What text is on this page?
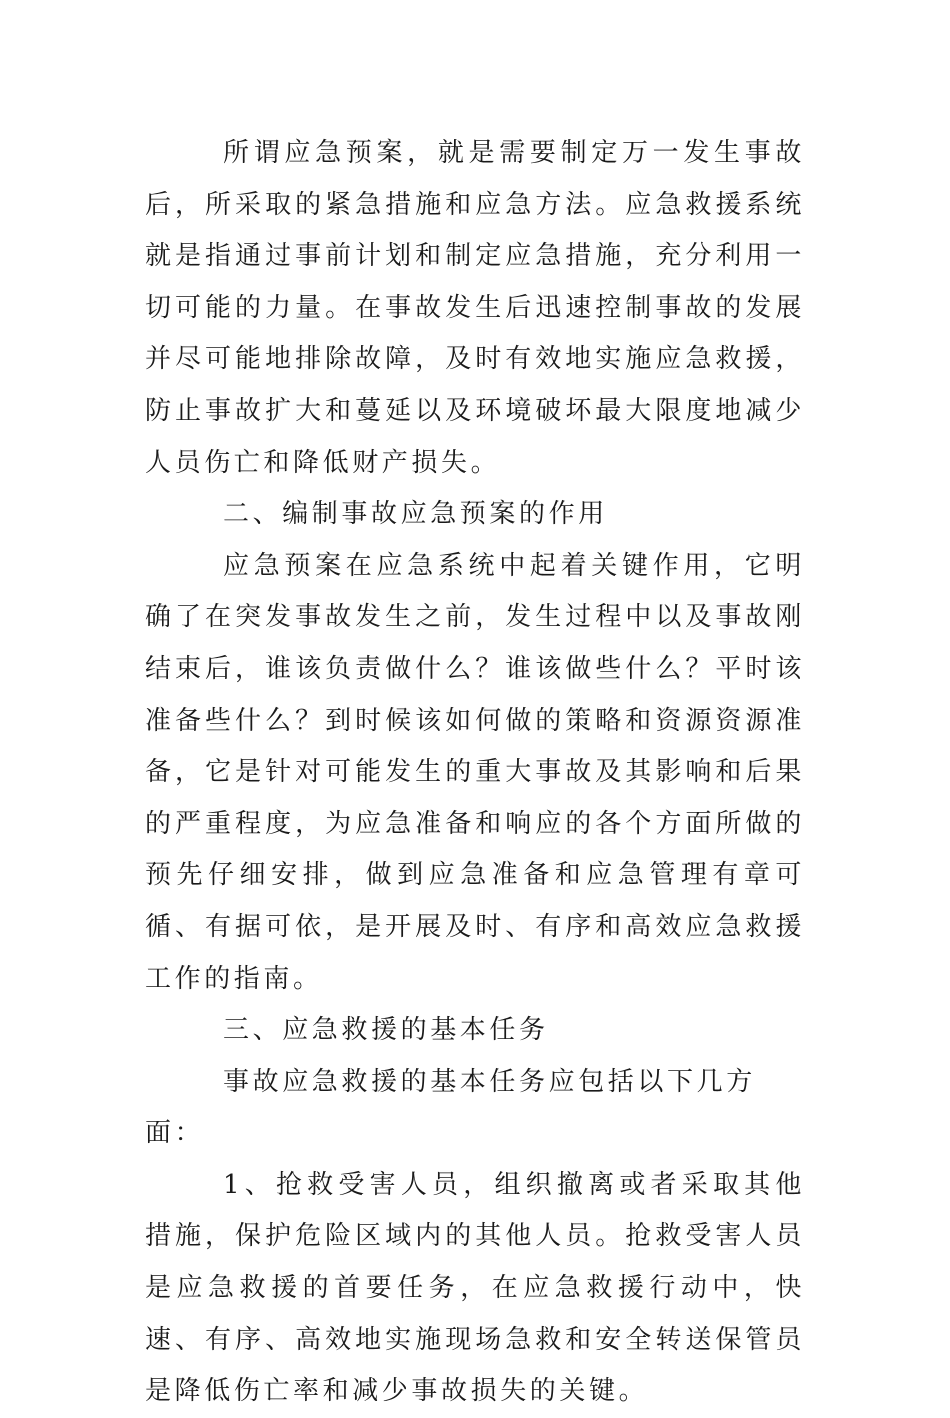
所谓应急预案，就是需要制定万一发生事故后，所采取的紧急措施和应急方法。应急救援系统就是指通过事前计划和制定应急措施，充分利用一切可能的力量。在事故发生后迅速控制事故的发展并尽可能地排除故障，及时有效地实施应急救援，防止事故扩大和蔓延以及环境破坏最大限度地减少人员伤亡和降低财产损失。

二、编制事故应急预案的作用

应急预案在应急系统中起着关键作用，它明确了在突发事故发生之前，发生过程中以及事故刚结束后，谁该负责做什么？谁该做些什么？平时该准备些什么？到时候该如何做的策略和资源资源准备，它是针对可能发生的重大事故及其影响和后果的严重程度，为应急准备和响应的各个方面所做的预先仔细安排，做到应急准备和应急管理有章可循、有据可依，是开展及时、有序和高效应急救援工作的指南。

三、应急救援的基本任务

事故应急救援的基本任务应包括以下几方面：

1、抢救受害人员，组织撤离或者采取其他措施，保护危险区域内的其他人员。抢救受害人员是应急救援的首要任务，在应急救援行动中，快速、有序、高效地实施现场急救和安全转送保管员是降低伤亡率和减少事故损失的关键。
